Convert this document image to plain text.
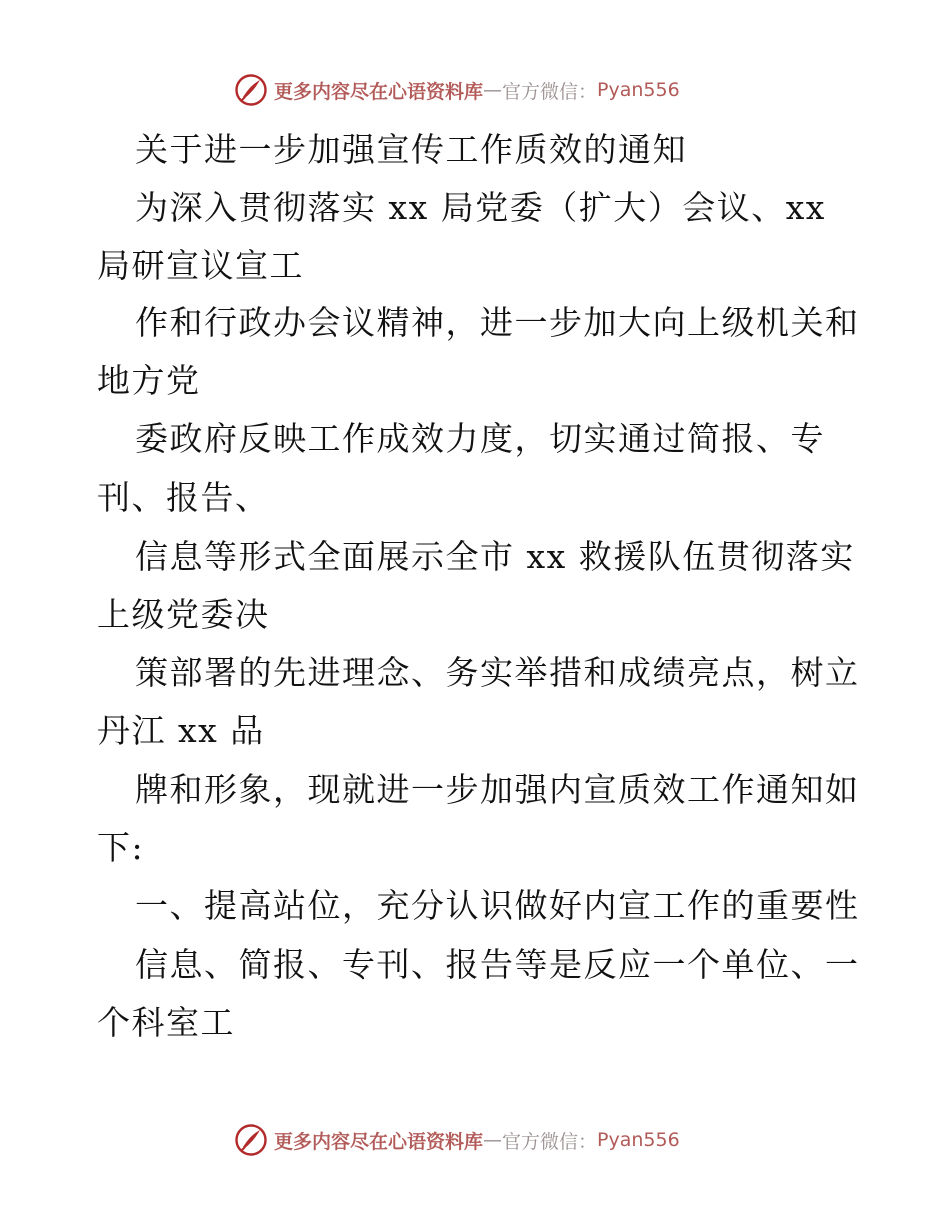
更多内容尽在心语资料库 — 官方微信： Pyan556
关于进一步加强宣传工作质效的通知
为深入贯彻落实 xx 局党委（扩大）会议、xx
局研宣议宣工
作和行政办会议精神，进一步加大向上级机关和
地方党
委政府反映工作成效力度，切实通过简报、专
刊、报告、
信息等形式全面展示全市 xx 救援队伍贯彻落实
上级党委决
策部署的先进理念、务实举措和成绩亮点，树立
丹江 xx 品
牌和形象，现就进一步加强内宣质效工作通知如
下:
一、提高站位，充分认识做好内宣工作的重要性
信息、简报、专刊、报告等是反应一个单位、一
个科室工
更多内容尽在心语资料库 — 官方微信： Pyan556
